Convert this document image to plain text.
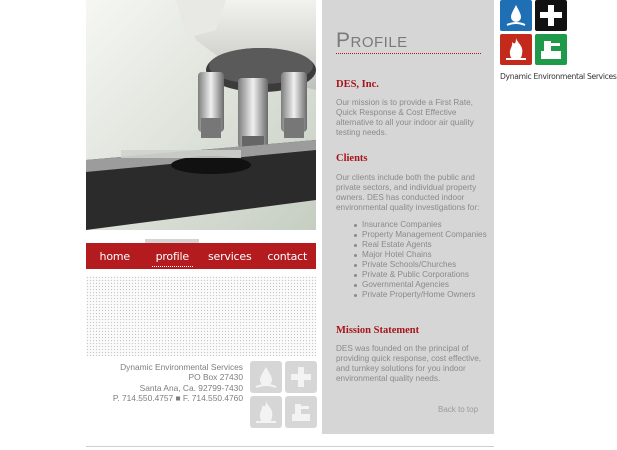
home	profile	services	contact
Dynamic Environmental Services
PO Box 27430
Santa Ana, Ca. 92799-7430
P. 714.550.4757 ■ F. 714.550.4760
Profile
DES, Inc.
Our mission is to provide a First Rate, Quick Response & Cost Effective alternative to all your indoor air quality testing needs.
Clients
Our clients include both the public and private sectors, and individual property owners. DES has conducted indoor environmental quality investigations for:
Insurance Companies
Property Management Companies
Real Estate Agents
Major Hotel Chains
Private Schools/Churches
Private & Public Corporations
Governmental Agencies
Private Property/Home Owners
Mission Statement
DES was founded on the principal of providing quick response, cost effective, and turnkey solutions for you indoor environmental quality needs.
Back to top
Dynamic Environmental Services
